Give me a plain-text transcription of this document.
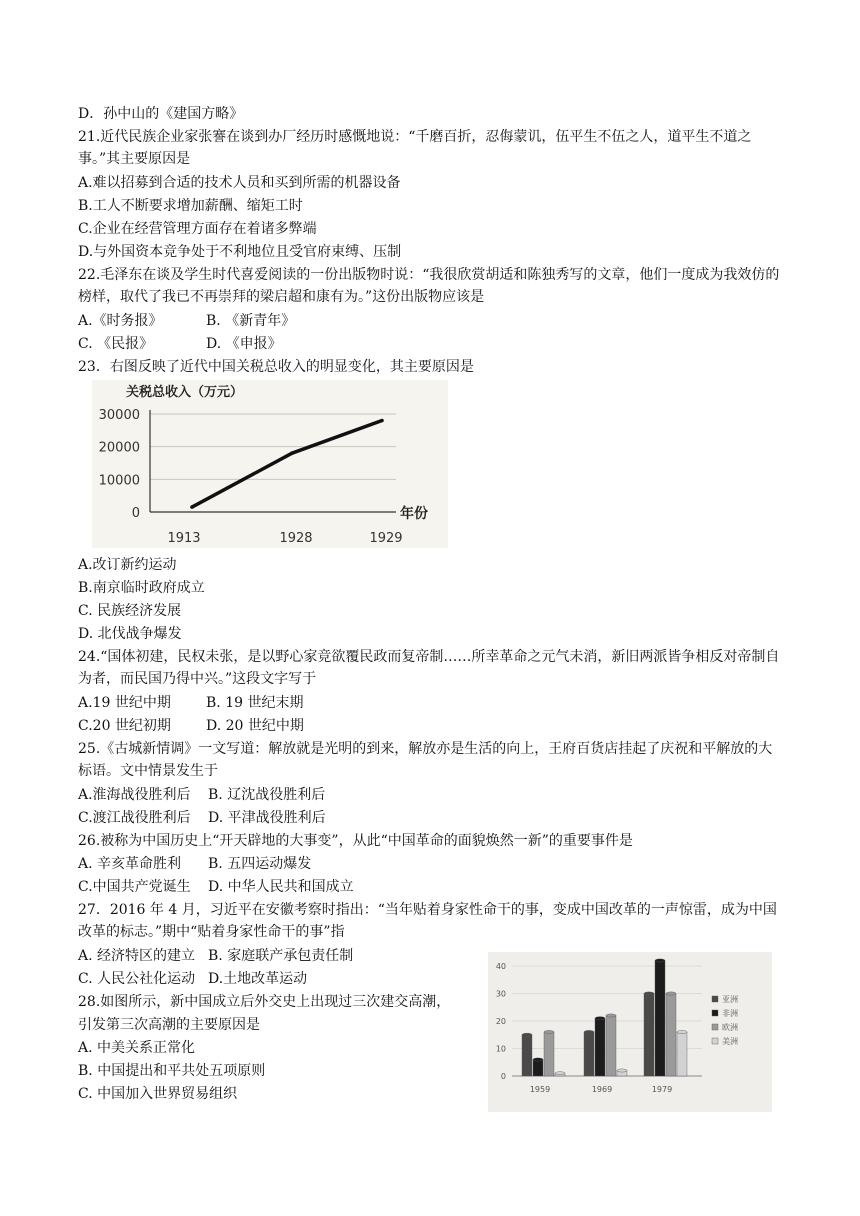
D．孙中山的《建国方略》
21.近代民族企业家张謇在谈到办厂经历时感慨地说：“千磨百折，忍侮蒙讥，伍平生不伍之人，道平生不道之事。”其主要原因是
A.难以招募到合适的技术人员和买到所需的机器设备
B.工人不断要求增加薪酬、缩矩工时
C.企业在经营管理方面存在着诸多弊端
D.与外国资本竞争处于不利地位且受官府束缚、压制
22.毛泽东在谈及学生时代喜爱阅读的一份出版物时说：“我很欣赏胡适和陈独秀写的文章，他们一度成为我效仿的榜样，取代了我已不再崇拜的梁启超和康有为。”这份出版物应该是
A.《时务报》	B. 《新青年》
C. 《民报》	D. 《申报》
23．右图反映了近代中国关税总收入的明显变化，其主要原因是
关税总收入（万元）
30000
20000
10000
0
1913	1928	1929
年份
A.改订新约运动
B.南京临时政府成立
C. 民族经济发展
D. 北伐战争爆发
24.“国体初建，民权未张，是以野心家竞欲覆民政而复帝制……所幸革命之元气未消，新旧两派皆争相反对帝制自为者，而民国乃得中兴。”这段文字写于
A.19 世纪中期	B. 19 世纪末期
C.20 世纪初期	D. 20 世纪中期
25.《古城新情调》一文写道：解放就是光明的到来，解放亦是生活的向上，王府百货店挂起了庆祝和平解放的大标语。文中情景发生于
A.淮海战役胜利后 B. 辽沈战役胜利后
C.渡江战役胜利后 D. 平津战役胜利后
26.被称为中国历史上“开天辟地的大事变”，从此“中国革命的面貌焕然一新”的重要事件是
A. 辛亥革命胜利 B. 五四运动爆发
C.中国共产党诞生 D. 中华人民共和国成立
27．2016 年 4 月，习近平在安徽考察时指出：“当年贴着身家性命干的事，变成中国改革的一声惊雷，成为中国改革的标志。”期中“贴着身家性命干的事”指
A. 经济特区的建立 B. 家庭联产承包责任制
C. 人民公社化运动 D.土地改革运动
28.如图所示，新中国成立后外交史上出现过三次建交高潮，
引发第三次高潮的主要原因是
A. 中美关系正常化
B. 中国提出和平共处五项原则
C. 中国加入世界贸易组织
40
30
20
10
0
1959	1969	1979
亚洲
非洲
欧洲
美洲
